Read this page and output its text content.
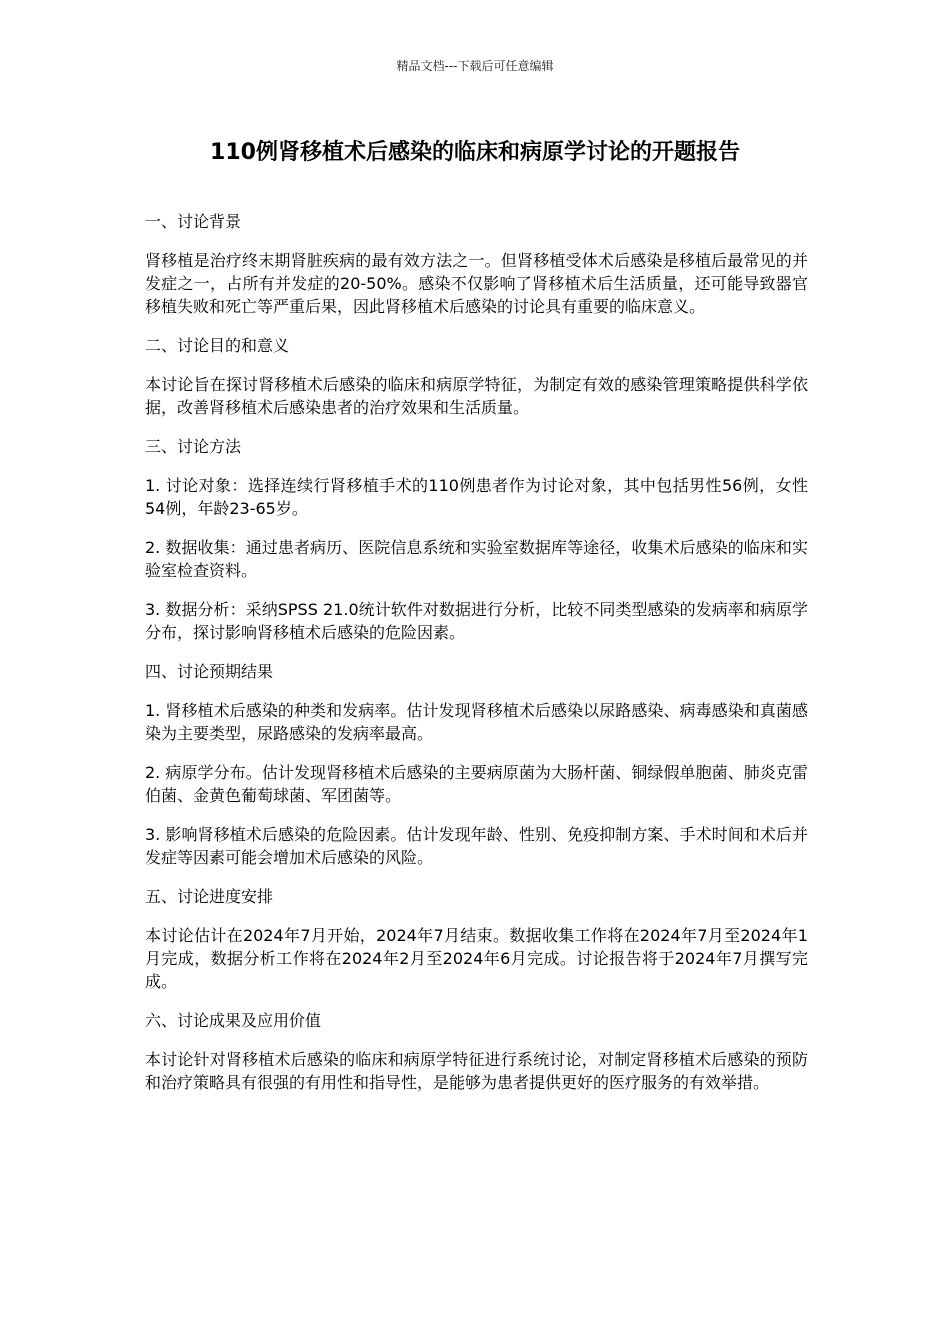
精品文档---下载后可任意编辑
110例肾移植术后感染的临床和病原学讨论的开题报告

一、讨论背景

肾移植是治疗终末期肾脏疾病的最有效方法之一。但肾移植受体术后感染是移植后最常见的并发症之一，占所有并发症的20-50%。感染不仅影响了肾移植术后生活质量，还可能导致器官移植失败和死亡等严重后果，因此肾移植术后感染的讨论具有重要的临床意义。

二、讨论目的和意义

本讨论旨在探讨肾移植术后感染的临床和病原学特征，为制定有效的感染管理策略提供科学依据，改善肾移植术后感染患者的治疗效果和生活质量。

三、讨论方法

1. 讨论对象：选择连续行肾移植手术的110例患者作为讨论对象，其中包括男性56例，女性54例，年龄23-65岁。

2. 数据收集：通过患者病历、医院信息系统和实验室数据库等途径，收集术后感染的临床和实验室检查资料。

3. 数据分析：采纳SPSS 21.0统计软件对数据进行分析，比较不同类型感染的发病率和病原学分布，探讨影响肾移植术后感染的危险因素。

四、讨论预期结果

1. 肾移植术后感染的种类和发病率。估计发现肾移植术后感染以尿路感染、病毒感染和真菌感染为主要类型，尿路感染的发病率最高。

2. 病原学分布。估计发现肾移植术后感染的主要病原菌为大肠杆菌、铜绿假单胞菌、肺炎克雷伯菌、金黄色葡萄球菌、军团菌等。

3. 影响肾移植术后感染的危险因素。估计发现年龄、性别、免疫抑制方案、手术时间和术后并发症等因素可能会增加术后感染的风险。

五、讨论进度安排

本讨论估计在2024年7月开始，2024年7月结束。数据收集工作将在2024年7月至2024年1月完成，数据分析工作将在2024年2月至2024年6月完成。讨论报告将于2024年7月撰写完成。

六、讨论成果及应用价值

本讨论针对肾移植术后感染的临床和病原学特征进行系统讨论，对制定肾移植术后感染的预防和治疗策略具有很强的有用性和指导性，是能够为患者提供更好的医疗服务的有效举措。
